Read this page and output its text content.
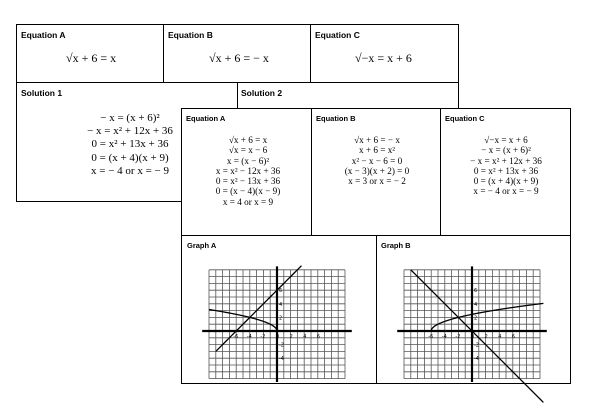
Equation A
√x + 6 = x
Equation B
√x + 6 = − x
Equation C
√−x = x + 6
Solution 1	Solution 2
− x = (x + 6)²
− x = x² + 12x + 36
0 = x² + 13x + 36
0 = (x + 4)(x + 9)
x = − 4 or x = − 9
Equation A	Equation B	Equation C
√x + 6 = x
√x = x − 6
x = (x − 6)²
x = x² − 12x + 36
0 = x² − 13x + 36
0 = (x − 4)(x − 9)
x = 4 or x = 9
√x + 6 = − x
x + 6 = x²
x² − x − 6 = 0
(x − 3)(x + 2) = 0
x = 3 or x = − 2
√−x = x + 6
− x = (x + 6)²
− x = x² + 12x + 36
0 = x² + 13x + 36
0 = (x + 4)(x + 9)
x = − 4 or x = − 9
Graph A	Graph B
-6 -4 -2 0 2 4 6
6
4
2
-2
-4
-6 -4 -2 0 2 4 6
6
4
2
-2
-4
